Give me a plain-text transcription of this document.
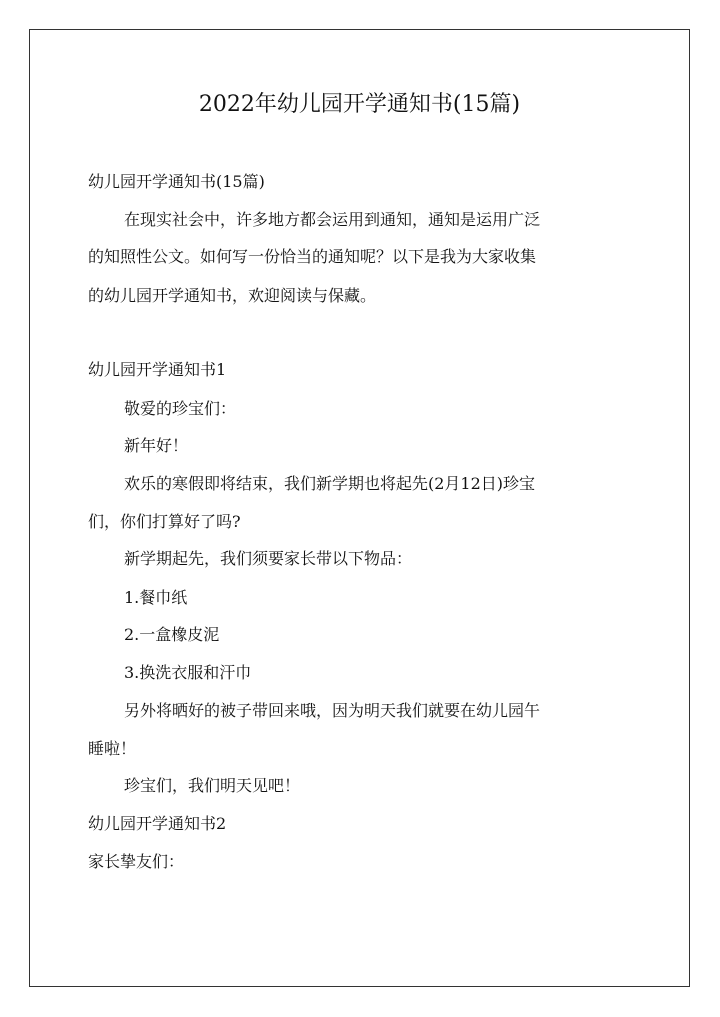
2022年幼儿园开学通知书(15篇)
幼儿园开学通知书(15篇)
在现实社会中，许多地方都会运用到通知，通知是运用广泛
的知照性公文。如何写一份恰当的通知呢？以下是我为大家收集
的幼儿园开学通知书，欢迎阅读与保藏。
幼儿园开学通知书1
敬爱的珍宝们：
新年好！
欢乐的寒假即将结束，我们新学期也将起先(2月12日)珍宝
们，你们打算好了吗?
新学期起先，我们须要家长带以下物品：
1.餐巾纸
2.一盒橡皮泥
3.换洗衣服和汗巾
另外将晒好的被子带回来哦，因为明天我们就要在幼儿园午
睡啦！
珍宝们，我们明天见吧！
幼儿园开学通知书2
家长挚友们：
